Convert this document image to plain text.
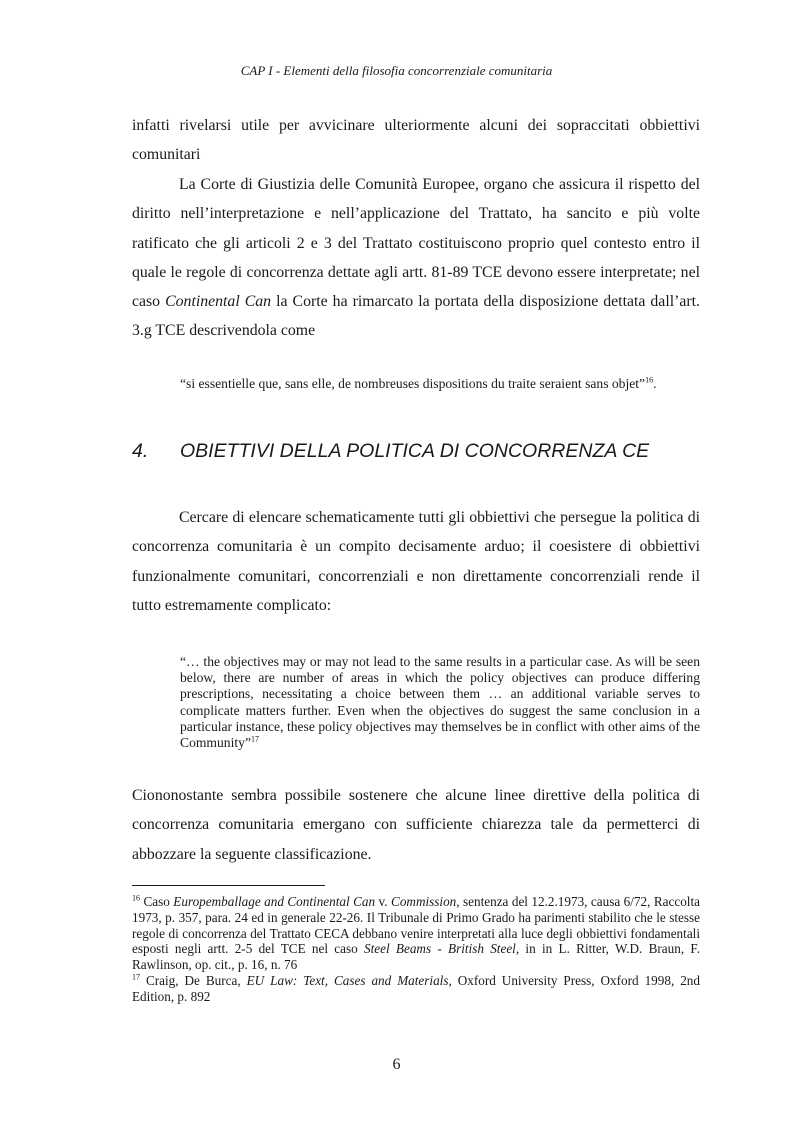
CAP I - Elementi della filosofia concorrenziale comunitaria

infatti rivelarsi utile per avvicinare ulteriormente alcuni dei sopraccitati obbiettivi comunitari

La Corte di Giustizia delle Comunità Europee, organo che assicura il rispetto del diritto nell’interpretazione e nell’applicazione del Trattato, ha sancito e più volte ratificato che gli articoli 2 e 3 del Trattato costituiscono proprio quel contesto entro il quale le regole di concorrenza dettate agli artt. 81-89 TCE devono essere interpretate; nel caso Continental Can la Corte ha rimarcato la portata della disposizione dettata dall’art. 3.g TCE descrivendola come

“si essentielle que, sans elle, de nombreuses dispositions du traite seraient sans objet”$^{16}$.

4. OBIETTIVI DELLA POLITICA DI CONCORRENZA CE

Cercare di elencare schematicamente tutti gli obbiettivi che persegue la politica di concorrenza comunitaria è un compito decisamente arduo; il coesistere di obbiettivi funzionalmente comunitari, concorrenziali e non direttamente concorrenziali rende il tutto estremamente complicato:

“… the objectives may or may not lead to the same results in a particular case. As will be seen below, there are number of areas in which the policy objectives can produce differing prescriptions, necessitating a choice between them … an additional variable serves to complicate matters further. Even when the objectives do suggest the same conclusion in a particular instance, these policy objectives may themselves be in conflict with other aims of the Community”$^{17}$

Ciononostante sembra possibile sostenere che alcune linee direttive della politica di concorrenza comunitaria emergano con sufficiente chiarezza tale da permetterci di abbozzare la seguente classificazione.

$^{16}$ Caso Europemballage and Continental Can v. Commission, sentenza del 12.2.1973, causa 6/72, Raccolta 1973, p. 357, para. 24 ed in generale 22-26. Il Tribunale di Primo Grado ha parimenti stabilito che le stesse regole di concorrenza del Trattato CECA debbano venire interpretati alla luce degli obbiettivi fondamentali esposti negli artt. 2-5 del TCE nel caso Steel Beams - British Steel, in in L. Ritter, W.D. Braun, F. Rawlinson, op. cit., p. 16, n. 76

$^{17}$ Craig, De Burca, EU Law: Text, Cases and Materials, Oxford University Press, Oxford 1998, 2nd Edition, p. 892

6
